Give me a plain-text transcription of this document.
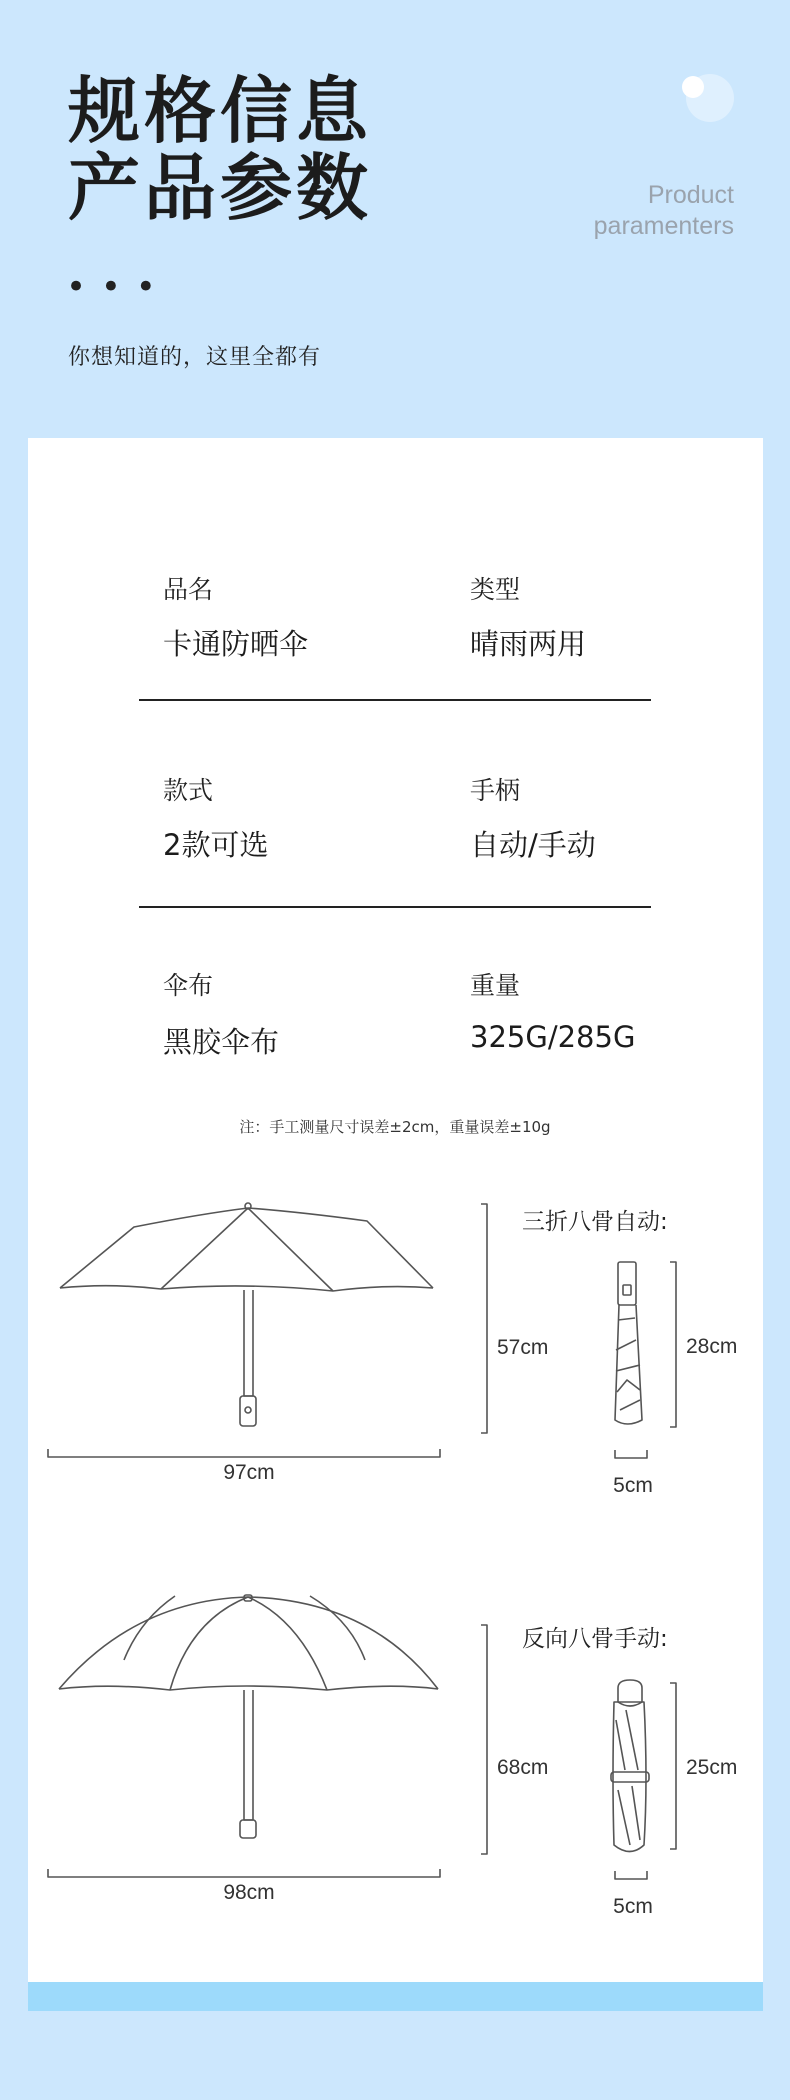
规格信息
产品参数
• • •
你想知道的，这里全都有
Product
paramenters
品名
卡通防晒伞
类型
晴雨两用
款式
2款可选
手柄
自动/手动
伞布
黑胶伞布
重量
325G/285G
注：手工测量尺寸误差±2cm，重量误差±10g
三折八骨自动:
97cm
57cm	28cm
5cm
反向八骨手动:
98cm
68cm	25cm
5cm
